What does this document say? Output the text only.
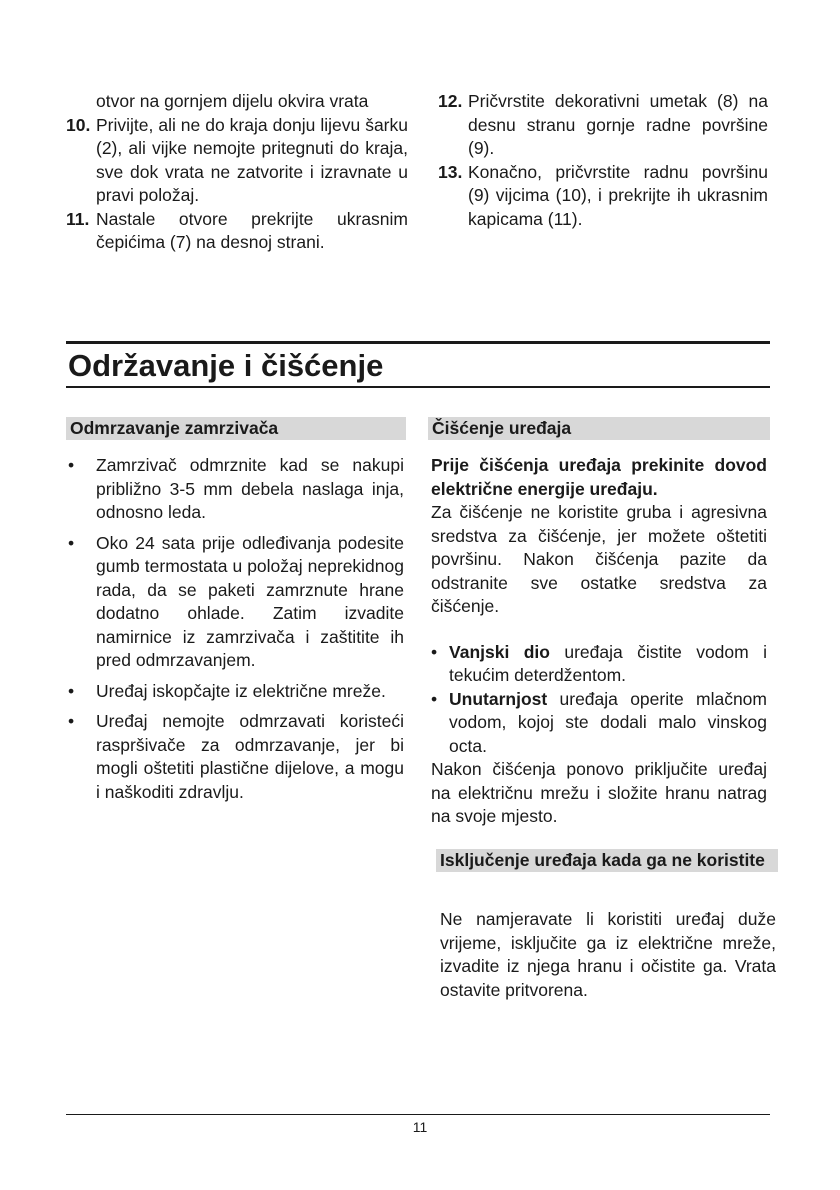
otvor na gornjem dijelu okvira vrata
10. Privijte, ali ne do kraja donju lijevu šarku (2), ali vijke nemojte pritegnuti do kraja, sve dok vrata ne zatvorite i izravnate u pravi položaj.
11. Nastale otvore prekrijte ukrasnim čepićima (7) na desnoj strani.
12. Pričvrstite dekorativni umetak (8) na desnu stranu gornje radne površine (9).
13. Konačno, pričvrstite radnu površinu (9) vijcima (10), i prekrijte ih ukrasnim kapicama (11).
Održavanje i čišćenje
Odmrzavanje zamrzivača
• Zamrzivač odmrznite kad se nakupi približno 3-5 mm debela naslaga inja, odnosno leda.
• Oko 24 sata prije odleđivanja podesite gumb termostata u položaj neprekidnog rada, da se paketi zamrznute hrane dodatno ohlade. Zatim izvadite namirnice iz zamrzivača i zaštitite ih pred odmrzavanjem.
• Uređaj iskopčajte iz električne mreže.
• Uređaj nemojte odmrzavati koristeći raspršivače za odmrzavanje, jer bi mogli oštetiti plastične dijelove, a mogu i naškoditi zdravlju.
Čišćenje uređaja
Prije čišćenja uređaja prekinite dovod električne energije uređaju.
Za čišćenje ne koristite gruba i agresivna sredstva za čišćenje, jer možete oštetiti površinu. Nakon čišćenja pazite da odstranite sve ostatke sredstva za čišćenje.
• Vanjski dio uređaja čistite vodom i tekućim deterdžentom.
• Unutarnjost uređaja operite mlačnom vodom, kojoj ste dodali malo vinskog octa.
Nakon čišćenja ponovo priključite uređaj na električnu mrežu i složite hranu natrag na svoje mjesto.
Isključenje uređaja kada ga ne koristite
Ne namjeravate li koristiti uređaj duže vrijeme, isključite ga iz električne mreže, izvadite iz njega hranu i očistite ga. Vrata ostavite pritvorena.
11
